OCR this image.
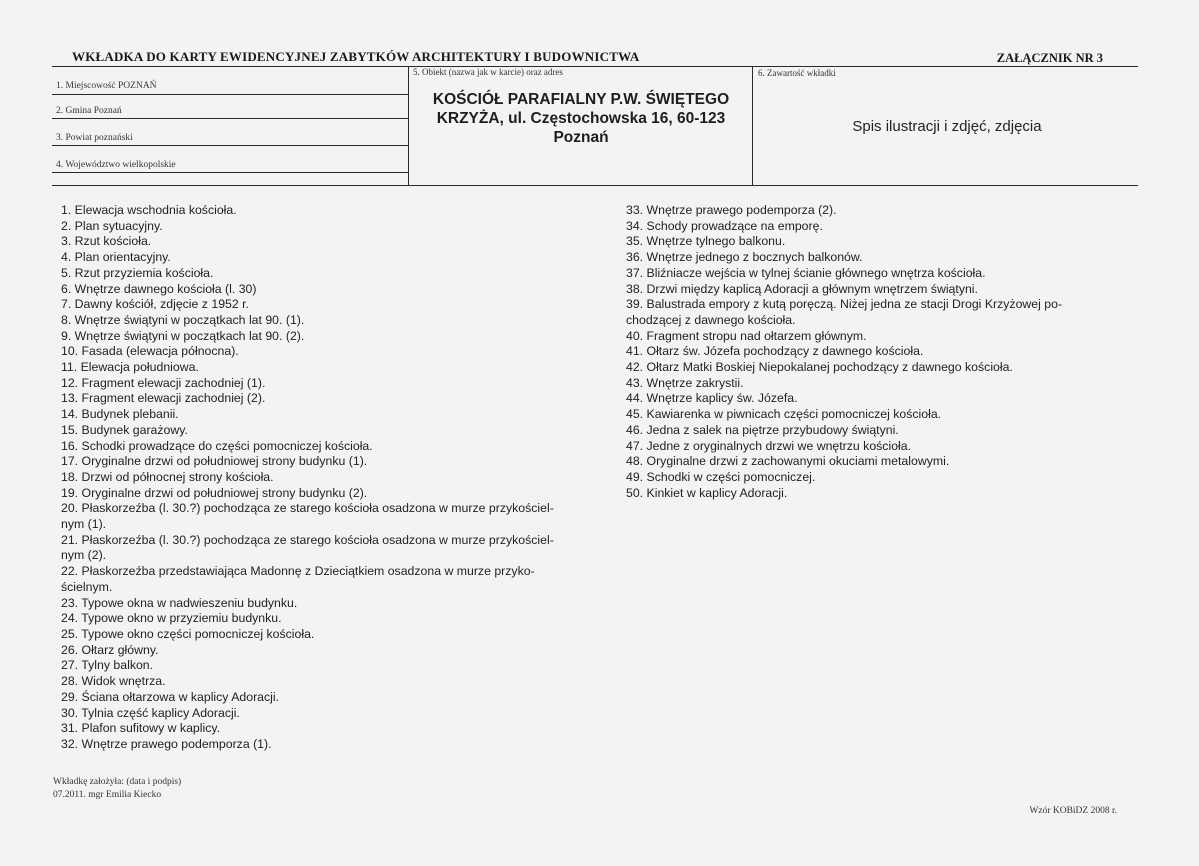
WKŁADKA DO KARTY EWIDENCYJNEJ ZABYTKÓW ARCHITEKTURY I BUDOWNICTWA	ZAŁĄCZNIK NR 3
1. Miejscowość POZNAŃ
2. Gmina Poznań
3. Powiat poznański
4. Województwo wielkopolskie
5. Obiekt (nazwa jak w karcie) oraz adres
KOŚCIÓŁ PARAFIALNY P.W. ŚWIĘTEGO KRZYŻA, ul. Częstochowska 16, 60-123 Poznań
6. Zawartość wkładki
Spis ilustracji i zdjęć, zdjęcia
1. Elewacja wschodnia kościoła.
2. Plan sytuacyjny.
3. Rzut kościoła.
4. Plan orientacyjny.
5. Rzut przyziemia kościoła.
6. Wnętrze dawnego kościoła (l. 30)
7. Dawny kościół, zdjęcie z 1952 r.
8. Wnętrze świątyni w początkach lat 90. (1).
9. Wnętrze świątyni w początkach lat 90. (2).
10. Fasada (elewacja północna).
11. Elewacja południowa.
12. Fragment elewacji zachodniej (1).
13. Fragment elewacji zachodniej (2).
14. Budynek plebanii.
15. Budynek garażowy.
16. Schodki prowadzące do części pomocniczej kościoła.
17. Oryginalne drzwi od południowej strony budynku (1).
18. Drzwi od północnej strony kościoła.
19. Oryginalne drzwi od południowej strony budynku (2).
20. Płaskorzeźba (l. 30.?) pochodząca ze starego kościoła osadzona w murze przykościel-
nym (1).
21. Płaskorzeźba (l. 30.?) pochodząca ze starego kościoła osadzona w murze przykościel-
nym (2).
22. Płaskorzeźba przedstawiająca Madonnę z Dzieciątkiem osadzona w murze przyko-
ścielnym.
23. Typowe okna w nadwieszeniu budynku.
24. Typowe okno w przyziemiu budynku.
25. Typowe okno części pomocniczej kościoła.
26. Ołtarz główny.
27. Tylny balkon.
28. Widok wnętrza.
29. Ściana ołtarzowa w kaplicy Adoracji.
30. Tylnia część kaplicy Adoracji.
31. Plafon sufitowy w kaplicy.
32. Wnętrze prawego podemporza (1).
33. Wnętrze prawego podemporza (2).
34. Schody prowadzące na emporę.
35. Wnętrze tylnego balkonu.
36. Wnętrze jednego z bocznych balkonów.
37. Bliźniacze wejścia w tylnej ścianie głównego wnętrza kościoła.
38. Drzwi między kaplicą Adoracji a głównym wnętrzem świątyni.
39. Balustrada empory z kutą poręczą. Niżej jedna ze stacji Drogi Krzyżowej po-
chodzącej z dawnego kościoła.
40. Fragment stropu nad ołtarzem głównym.
41. Ołtarz św. Józefa pochodzący z dawnego kościoła.
42. Ołtarz Matki Boskiej Niepokalanej pochodzący z dawnego kościoła.
43. Wnętrze zakrystii.
44. Wnętrze kaplicy św. Józefa.
45. Kawiarenka w piwnicach części pomocniczej kościoła.
46. Jedna z salek na piętrze przybudowy świątyni.
47. Jedne z oryginalnych drzwi we wnętrzu kościoła.
48. Oryginalne drzwi z zachowanymi okuciami metalowymi.
49. Schodki w części pomocniczej.
50. Kinkiet w kaplicy Adoracji.
Wkładkę założyła: (data i podpis)
07.2011. mgr Emilia Kiecko
Wzór KOBiDZ 2008 r.
